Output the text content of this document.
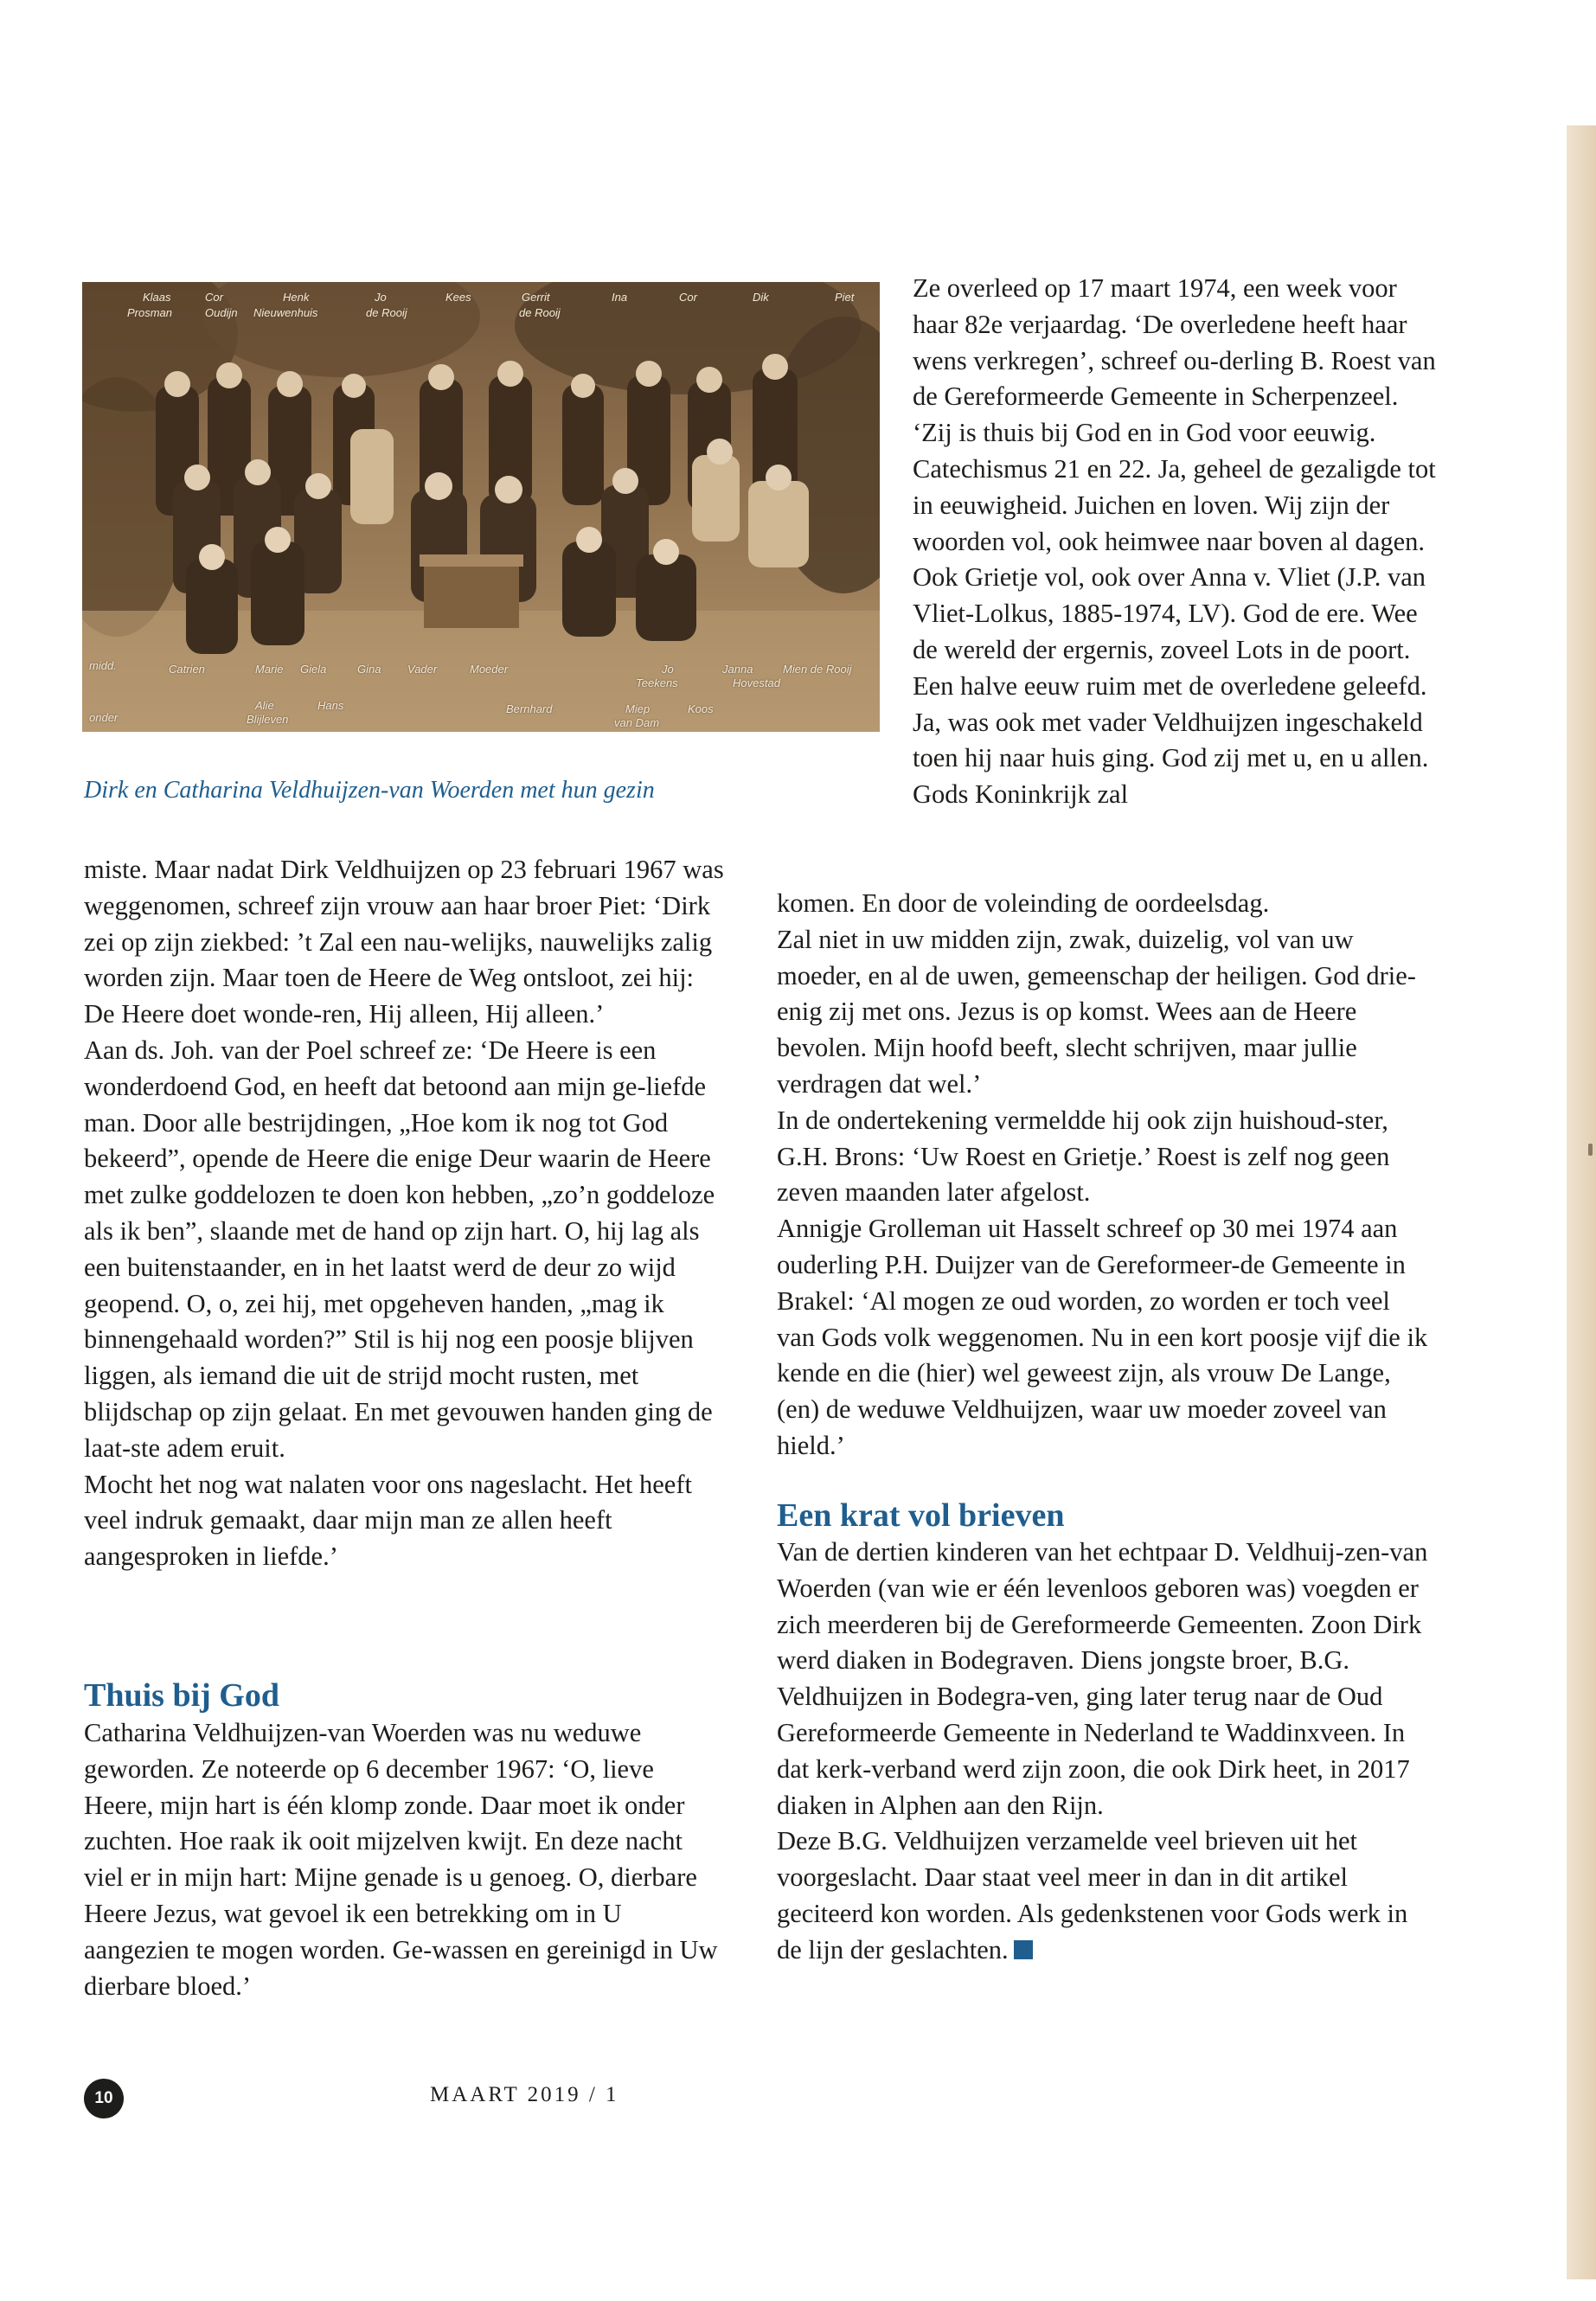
Klaas
Prosman
Cor
Oudijn
Henk
Nieuwenhuis
Jo
de Rooij
Kees	Gerrit
de Rooij
Ina	Cor	Dik	Piet
midd.	Catrien	Marie Giela	Gina Vader	Moeder	Jo
Teekens
Janna
Hovestad
Mien de Rooij
onder
Alie
Blijleven
Hans	Bernhard	Miep
van Dam
Koos
Dirk en Catharina Veldhuijzen-van Woerden met hun gezin

miste. Maar nadat Dirk Veldhuijzen op 23 februari 1967 was weggenomen, schreef zijn vrouw aan haar broer Piet: ‘Dirk zei op zijn ziekbed: ’t Zal een nau-welijks, nauwelijks zalig worden zijn. Maar toen de Heere de Weg ontsloot, zei hij: De Heere doet wonde-ren, Hij alleen, Hij alleen.’

Aan ds. Joh. van der Poel schreef ze: ‘De Heere is een wonderdoend God, en heeft dat betoond aan mijn ge-liefde man. Door alle bestrijdingen, „Hoe kom ik nog tot God bekeerd”, opende de Heere die enige Deur waarin de Heere met zulke goddelozen te doen kon hebben, „zo’n goddeloze als ik ben”, slaande met de hand op zijn hart. O, hij lag als een buitenstaander, en in het laatst werd de deur zo wijd geopend. O, o, zei hij, met opgeheven handen, „mag ik binnengehaald worden?” Stil is hij nog een poosje blijven liggen, als iemand die uit de strijd mocht rusten, met blijdschap op zijn gelaat. En met gevouwen handen ging de laat-ste adem eruit.

Mocht het nog wat nalaten voor ons nageslacht. Het heeft veel indruk gemaakt, daar mijn man ze allen heeft aangesproken in liefde.’

Thuis bij God

Catharina Veldhuijzen-van Woerden was nu weduwe geworden. Ze noteerde op 6 december 1967: ‘O, lieve Heere, mijn hart is één klomp zonde. Daar moet ik onder zuchten. Hoe raak ik ooit mijzelven kwijt. En deze nacht viel er in mijn hart: Mijne genade is u genoeg. O, dierbare Heere Jezus, wat gevoel ik een betrekking om in U aangezien te mogen worden. Ge-wassen en gereinigd in Uw dierbare bloed.’

Ze overleed op 17 maart 1974, een week voor haar 82e verjaardag. ‘De overledene heeft haar wens verkregen’, schreef ou-derling B. Roest van de Gereformeerde Gemeente in Scherpenzeel. ‘Zij is thuis bij God en in God voor eeuwig. Catechismus 21 en 22. Ja, geheel de gezaligde tot in eeuwigheid. Juichen en loven. Wij zijn der woorden vol, ook heimwee naar boven al dagen. Ook Grietje vol, ook over Anna v. Vliet (J.P. van Vliet-Lolkus, 1885-1974, LV). God de ere. Wee de wereld der ergernis, zoveel Lots in de poort.

Een halve eeuw ruim met de overledene geleefd. Ja, was ook met vader Veldhuijzen ingeschakeld toen hij naar huis ging. God zij met u, en u allen. Gods Koninkrijk zal

komen. En door de voleinding de oordeelsdag.

Zal niet in uw midden zijn, zwak, duizelig, vol van uw moeder, en al de uwen, gemeenschap der heiligen. God drie-enig zij met ons. Jezus is op komst. Wees aan de Heere bevolen. Mijn hoofd beeft, slecht schrijven, maar jullie verdragen dat wel.’

In de ondertekening vermeldde hij ook zijn huishoud-ster, G.H. Brons: ‘Uw Roest en Grietje.’ Roest is zelf nog geen zeven maanden later afgelost.

Annigje Grolleman uit Hasselt schreef op 30 mei 1974 aan ouderling P.H. Duijzer van de Gereformeer-de Gemeente in Brakel: ‘Al mogen ze oud worden, zo worden er toch veel van Gods volk weggenomen. Nu in een kort poosje vijf die ik kende en die (hier) wel geweest zijn, als vrouw De Lange, (en) de weduwe Veldhuijzen, waar uw moeder zoveel van hield.’

Een krat vol brieven

Van de dertien kinderen van het echtpaar D. Veldhuij-zen-van Woerden (van wie er één levenloos geboren was) voegden er zich meerderen bij de Gereformeerde Gemeenten. Zoon Dirk werd diaken in Bodegraven. Diens jongste broer, B.G. Veldhuijzen in Bodegra-ven, ging later terug naar de Oud Gereformeerde Gemeente in Nederland te Waddinxveen. In dat kerk-verband werd zijn zoon, die ook Dirk heet, in 2017 diaken in Alphen aan den Rijn.

Deze B.G. Veldhuijzen verzamelde veel brieven uit het voorgeslacht. Daar staat veel meer in dan in dit artikel geciteerd kon worden. Als gedenkstenen voor Gods werk in de lijn der geslachten.

10	MAART 2019 / 1
